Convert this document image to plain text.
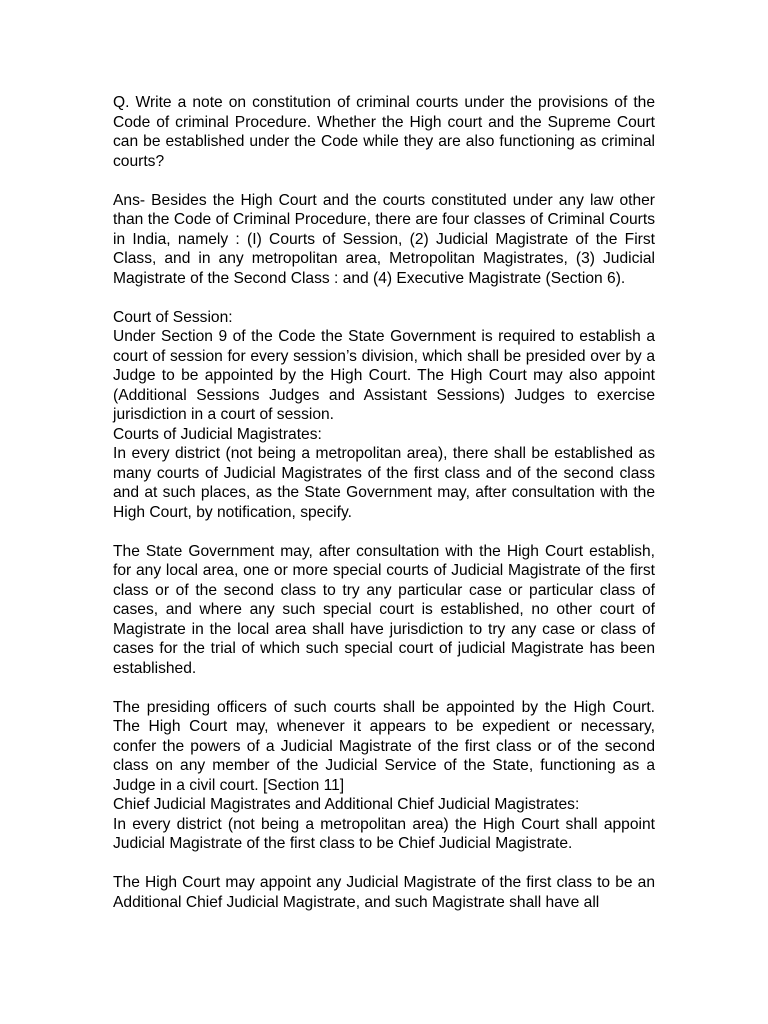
Q. Write a note on constitution of criminal courts under the provisions of the Code of criminal Procedure. Whether the High court and the Supreme Court can be established under the Code while they are also functioning as criminal courts?

Ans- Besides the High Court and the courts constituted under any law other than the Code of Criminal Procedure, there are four classes of Criminal Courts in India, namely : (I) Courts of Session, (2) Judicial Magistrate of the First Class, and in any metropolitan area, Metropolitan Magistrates, (3) Judicial Magistrate of the Second Class : and (4) Executive Magistrate (Section 6).

Court of Session:

Under Section 9 of the Code the State Government is required to establish a court of session for every session’s division, which shall be presided over by a Judge to be appointed by the High Court. The High Court may also appoint (Additional Sessions Judges and Assistant Sessions) Judges to exercise jurisdiction in a court of session.

Courts of Judicial Magistrates:

In every district (not being a metropolitan area), there shall be established as many courts of Judicial Magistrates of the first class and of the second class and at such places, as the State Government may, after consultation with the High Court, by notification, specify.

The State Government may, after consultation with the High Court establish, for any local area, one or more special courts of Judicial Magistrate of the first class or of the second class to try any particular case or particular class of cases, and where any such special court is established, no other court of Magistrate in the local area shall have jurisdiction to try any case or class of cases for the trial of which such special court of judicial Magistrate has been established.

The presiding officers of such courts shall be appointed by the High Court. The High Court may, whenever it appears to be expedient or necessary, confer the powers of a Judicial Magistrate of the first class or of the second class on any member of the Judicial Service of the State, functioning as a Judge in a civil court. [Section 11]

Chief Judicial Magistrates and Additional Chief Judicial Magistrates:

In every district (not being a metropolitan area) the High Court shall appoint Judicial Magistrate of the first class to be Chief Judicial Magistrate.

The High Court may appoint any Judicial Magistrate of the first class to be an Additional Chief Judicial Magistrate, and such Magistrate shall have all
